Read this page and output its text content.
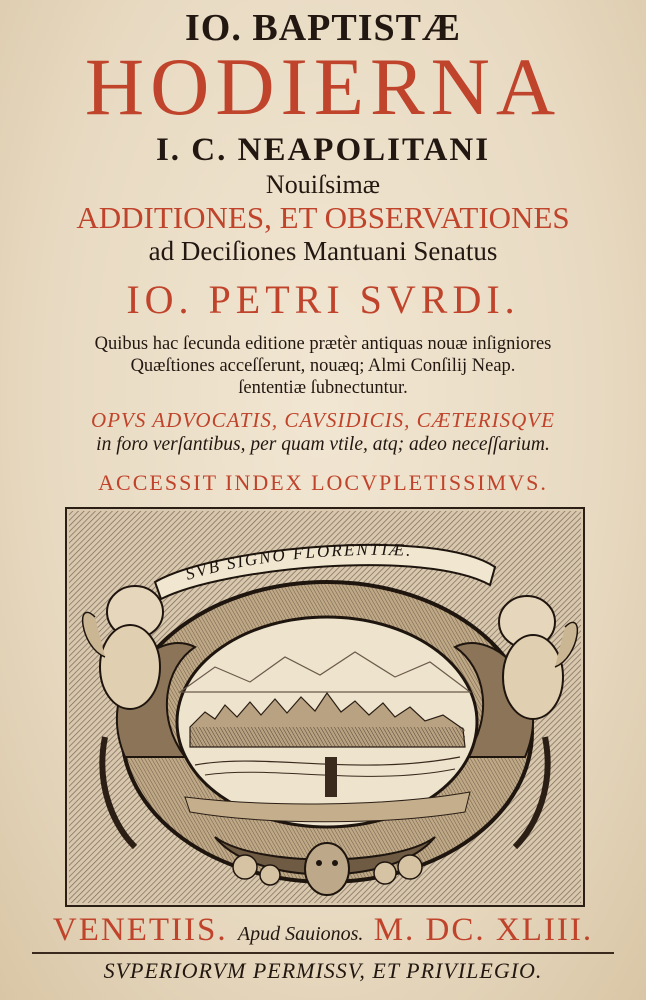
IO. BAPTISTÆ
HODIERNA
I. C. NEAPOLITANI
Nouiſsimæ
ADDITIONES, ET OBSERVATIONES
ad Deciſiones Mantuani Senatus
IO. PETRI SVRDI.
Quibus hac ſecunda editione prætèr antiquas nouæ inſigniores
Quæſtiones acceſſerunt, nouæq; Almi Conſilij Neap.
ſententiæ ſubnectuntur.
OPVS ADVOCATIS, CAVSIDICIS, CÆTERISQVE
in foro verſantibus, per quam vtile, atq; adeo neceſſarium.
ACCESSIT INDEX LOCVPLETISSIMVS.
SVB SIGNO FLORENTIÆ.
VENETIIS. Apud Sauionos. M. DC. XLIII.
SVPERIORVM PERMISSV, ET PRIVILEGIO.
